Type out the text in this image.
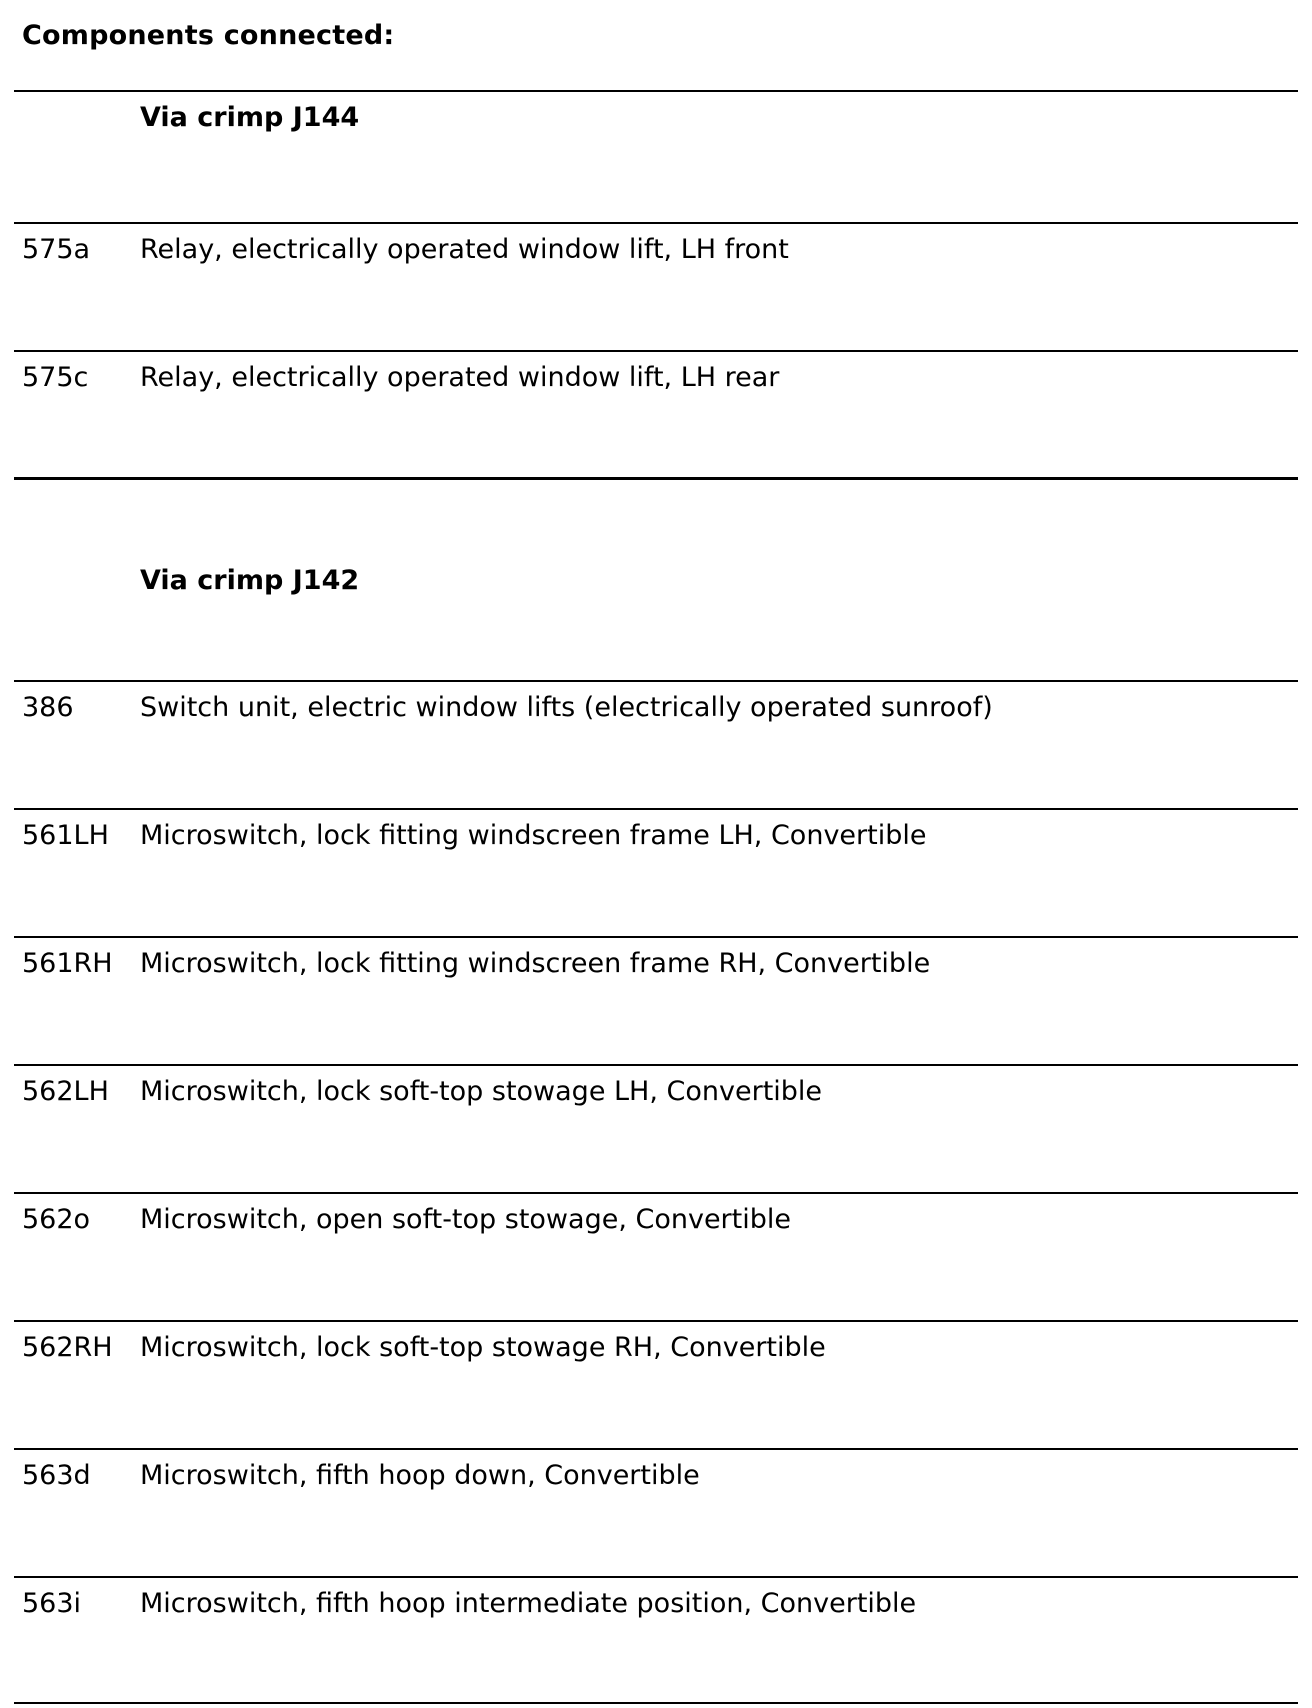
Components connected:
Via crimp J144
575a Relay, electrically operated window lift, LH front
575c Relay, electrically operated window lift, LH rear
Via crimp J142
386 Switch unit, electric window lifts (electrically operated sunroof)
561LH Microswitch, lock fitting windscreen frame LH, Convertible
561RH Microswitch, lock fitting windscreen frame RH, Convertible
562LH Microswitch, lock soft-top stowage LH, Convertible
562o Microswitch, open soft-top stowage, Convertible
562RH Microswitch, lock soft-top stowage RH, Convertible
563d Microswitch, fifth hoop down, Convertible
563i Microswitch, fifth hoop intermediate position, Convertible
